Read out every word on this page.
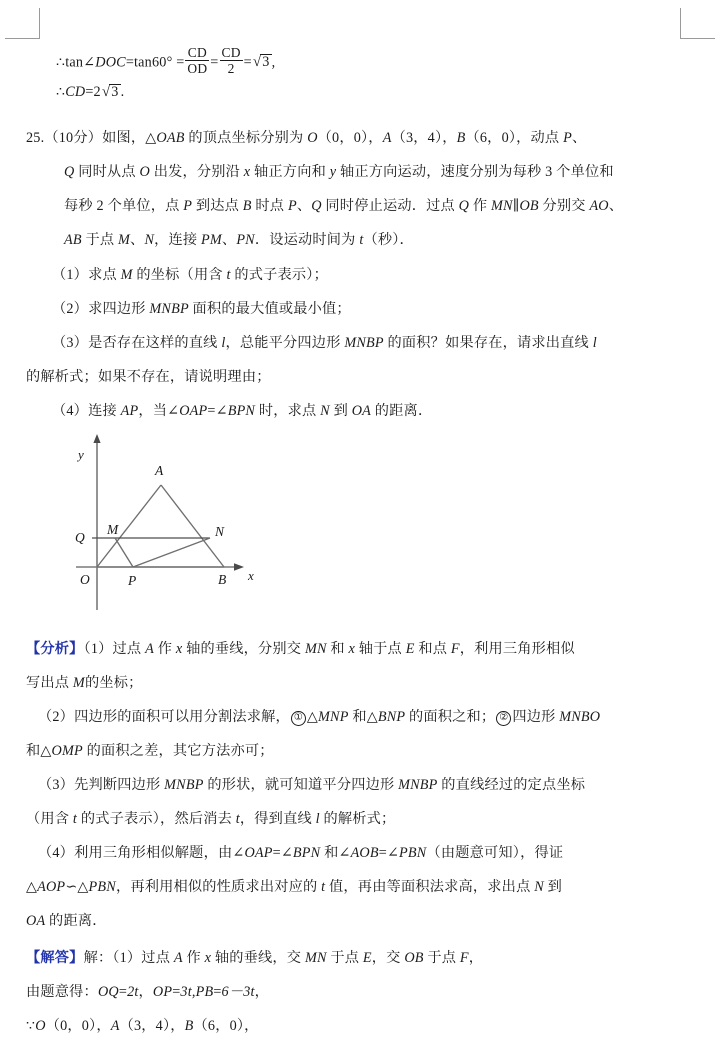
∴tan∠DOC=tan60° = $\frac{CD}{OD} = \frac{CD}{2} =√3$ ,
∴CD=2√3 .
25.（10分）如图，△OAB 的顶点坐标分别为 O（0，0），A（3，4），B（6，0），动点 P、
Q 同时从点 O 出发，分别沿 x 轴正方向和 y 轴正方向运动，速度分别为每秒 3 个单位和
每秒 2 个单位，点 P 到达点 B 时点 P、Q 同时停止运动．过点 Q 作 MN∥OB 分别交 AO、
AB 于点 M、N，连接 PM、PN．设运动时间为 t（秒）．
（1）求点 M 的坐标（用含 t 的式子表示）；
（2）求四边形 MNBP 面积的最大值或最小值；
（3）是否存在这样的直线 l，总能平分四边形 MNBP 的面积？如果存在，请求出直线 l
的解析式；如果不存在，请说明理由；
（4）连接 AP，当∠OAP=∠BPN 时，求点 N 到 OA 的距离．
y
x
O
A
B
M	N
P
Q
【分析】（1）过点 A 作 x 轴的垂线，分别交 MN 和 x 轴于点 E 和点 F，利用三角形相似
写出点 M的坐标；
（2）四边形的面积可以用分割法求解， ① △MNP 和△BNP 的面积之和； ② 四边形 MNBO
和△OMP 的面积之差，其它方法亦可；
（3）先判断四边形 MNBP 的形状，就可知道平分四边形 MNBP 的直线经过的定点坐标
（用含 t 的式子表示），然后消去 t，得到直线 l 的解析式；
（4）利用三角形相似解题，由∠OAP=∠BPN 和∠AOB=∠PBN（由题意可知），得证
△AOP∽△PBN，再利用相似的性质求出对应的 t 值，再由等面积法求高，求出点 N 到
OA 的距离．
【解答】解：（1）过点 A 作 x 轴的垂线，交 MN 于点 E，交 OB 于点 F，
由题意得：OQ=2t，OP=3t,PB=6－3t，
∵O（0，0），A（3，4），B（6，0），
